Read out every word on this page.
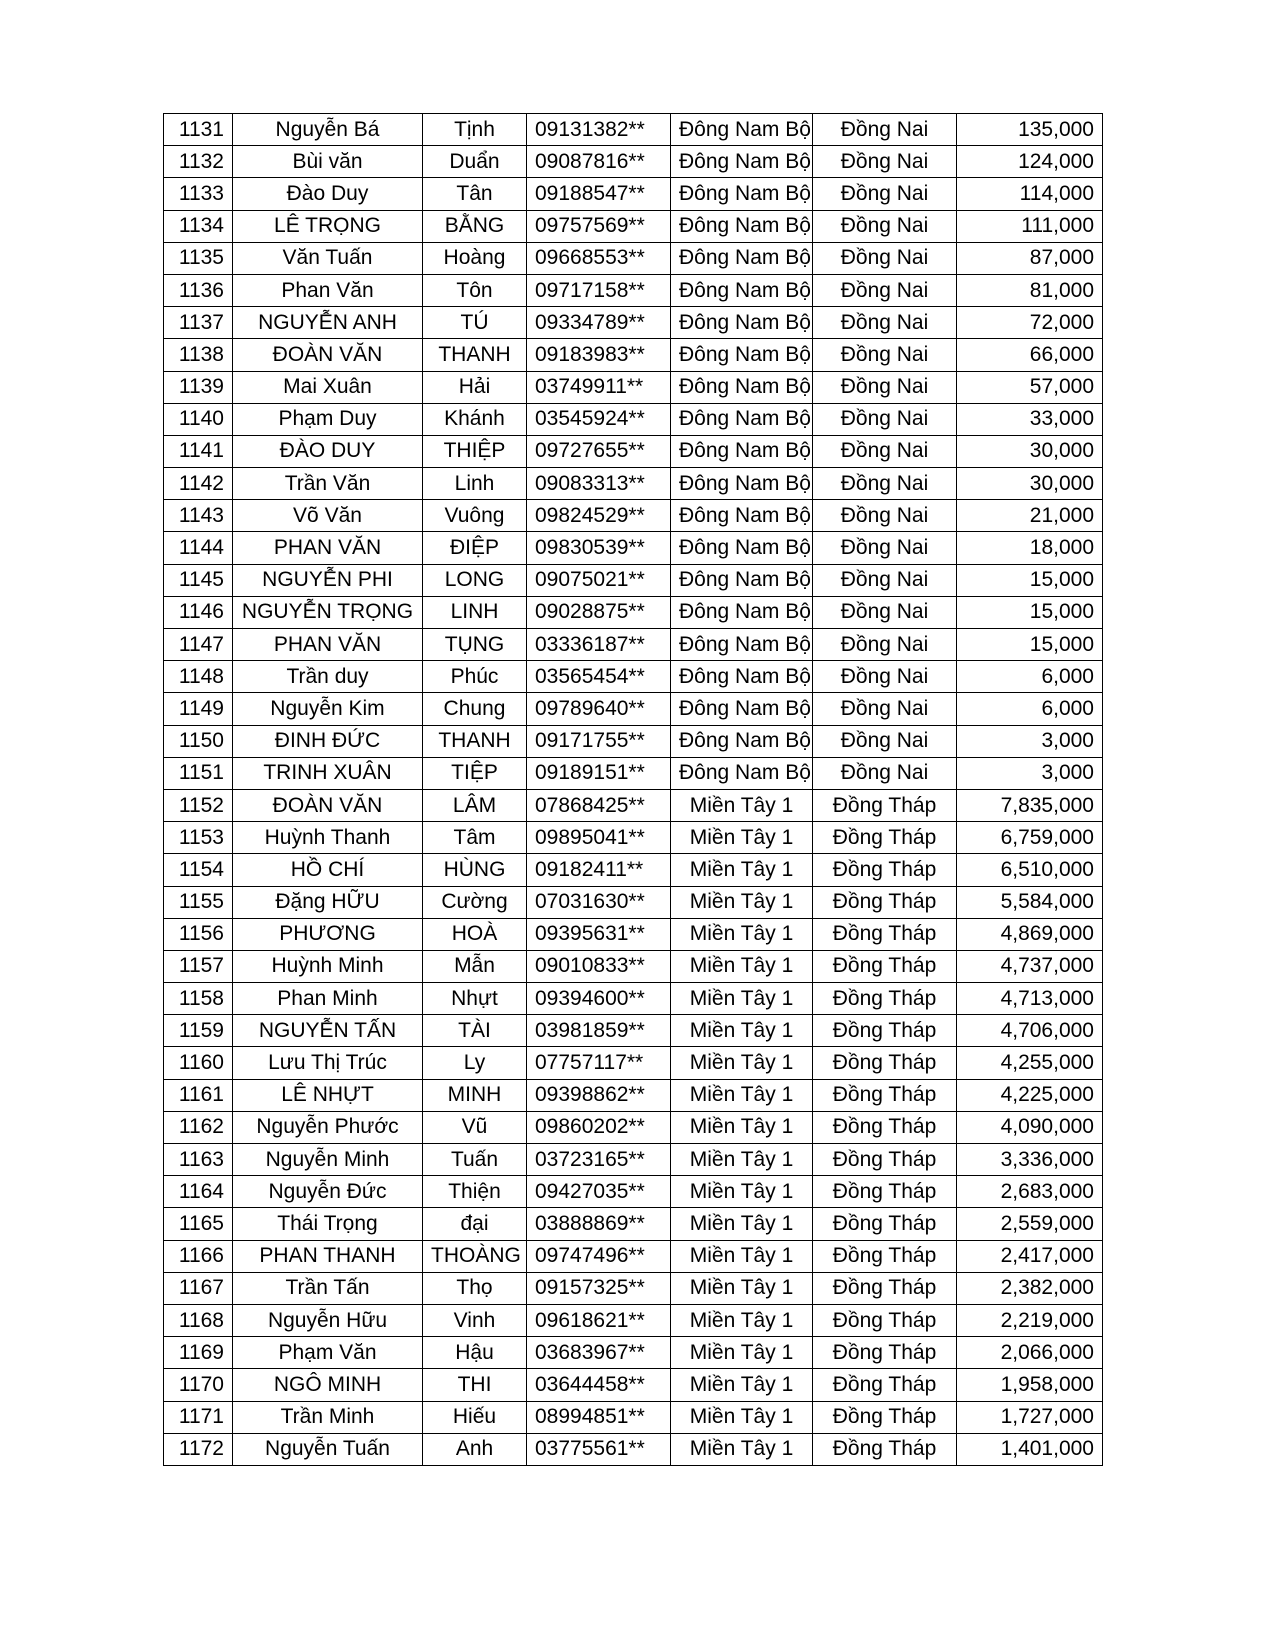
1131	Nguyễn Bá	Tịnh	09131382**	Đông Nam Bộ	Đồng Nai	135,000
1132	Bùi văn	Duẩn	09087816**	Đông Nam Bộ	Đồng Nai	124,000
1133	Đào Duy	Tân	09188547**	Đông Nam Bộ	Đồng Nai	114,000
1134	LÊ TRỌNG	BẰNG	09757569**	Đông Nam Bộ	Đồng Nai	111,000
1135	Văn Tuấn	Hoàng	09668553**	Đông Nam Bộ	Đồng Nai	87,000
1136	Phan Văn	Tôn	09717158**	Đông Nam Bộ	Đồng Nai	81,000
1137	NGUYỄN ANH	TÚ	09334789**	Đông Nam Bộ	Đồng Nai	72,000
1138	ĐOÀN VĂN	THANH	09183983**	Đông Nam Bộ	Đồng Nai	66,000
1139	Mai Xuân	Hải	03749911**	Đông Nam Bộ	Đồng Nai	57,000
1140	Phạm Duy	Khánh	03545924**	Đông Nam Bộ	Đồng Nai	33,000
1141	ĐÀO DUY	THIỆP	09727655**	Đông Nam Bộ	Đồng Nai	30,000
1142	Trần Văn	Linh	09083313**	Đông Nam Bộ	Đồng Nai	30,000
1143	Võ Văn	Vuông	09824529**	Đông Nam Bộ	Đồng Nai	21,000
1144	PHAN VĂN	ĐIỆP	09830539**	Đông Nam Bộ	Đồng Nai	18,000
1145	NGUYỄN PHI	LONG	09075021**	Đông Nam Bộ	Đồng Nai	15,000
1146	NGUYỄN TRỌNG	LINH	09028875**	Đông Nam Bộ	Đồng Nai	15,000
1147	PHAN VĂN	TỤNG	03336187**	Đông Nam Bộ	Đồng Nai	15,000
1148	Trần duy	Phúc	03565454**	Đông Nam Bộ	Đồng Nai	6,000
1149	Nguyễn Kim	Chung	09789640**	Đông Nam Bộ	Đồng Nai	6,000
1150	ĐINH ĐỨC	THANH	09171755**	Đông Nam Bộ	Đồng Nai	3,000
1151	TRINH XUÂN	TIỆP	09189151**	Đông Nam Bộ	Đồng Nai	3,000
1152	ĐOÀN VĂN	LÂM	07868425**	Miền Tây 1	Đồng Tháp	7,835,000
1153	Huỳnh Thanh	Tâm	09895041**	Miền Tây 1	Đồng Tháp	6,759,000
1154	HỒ CHÍ	HÙNG	09182411**	Miền Tây 1	Đồng Tháp	6,510,000
1155	Đặng HỮU	Cường	07031630**	Miền Tây 1	Đồng Tháp	5,584,000
1156	PHƯƠNG	HOÀ	09395631**	Miền Tây 1	Đồng Tháp	4,869,000
1157	Huỳnh Minh	Mẫn	09010833**	Miền Tây 1	Đồng Tháp	4,737,000
1158	Phan Minh	Nhựt	09394600**	Miền Tây 1	Đồng Tháp	4,713,000
1159	NGUYỄN TẤN	TÀI	03981859**	Miền Tây 1	Đồng Tháp	4,706,000
1160	Lưu Thị Trúc	Ly	07757117**	Miền Tây 1	Đồng Tháp	4,255,000
1161	LÊ NHỰT	MINH	09398862**	Miền Tây 1	Đồng Tháp	4,225,000
1162	Nguyễn Phước	Vũ	09860202**	Miền Tây 1	Đồng Tháp	4,090,000
1163	Nguyễn Minh	Tuấn	03723165**	Miền Tây 1	Đồng Tháp	3,336,000
1164	Nguyễn Đức	Thiện	09427035**	Miền Tây 1	Đồng Tháp	2,683,000
1165	Thái Trọng	đại	03888869**	Miền Tây 1	Đồng Tháp	2,559,000
1166	PHAN THANH	THOÀNG	09747496**	Miền Tây 1	Đồng Tháp	2,417,000
1167	Trần Tấn	Thọ	09157325**	Miền Tây 1	Đồng Tháp	2,382,000
1168	Nguyễn Hữu	Vinh	09618621**	Miền Tây 1	Đồng Tháp	2,219,000
1169	Phạm Văn	Hậu	03683967**	Miền Tây 1	Đồng Tháp	2,066,000
1170	NGÔ MINH	THI	03644458**	Miền Tây 1	Đồng Tháp	1,958,000
1171	Trần Minh	Hiếu	08994851**	Miền Tây 1	Đồng Tháp	1,727,000
1172	Nguyễn Tuấn	Anh	03775561**	Miền Tây 1	Đồng Tháp	1,401,000
